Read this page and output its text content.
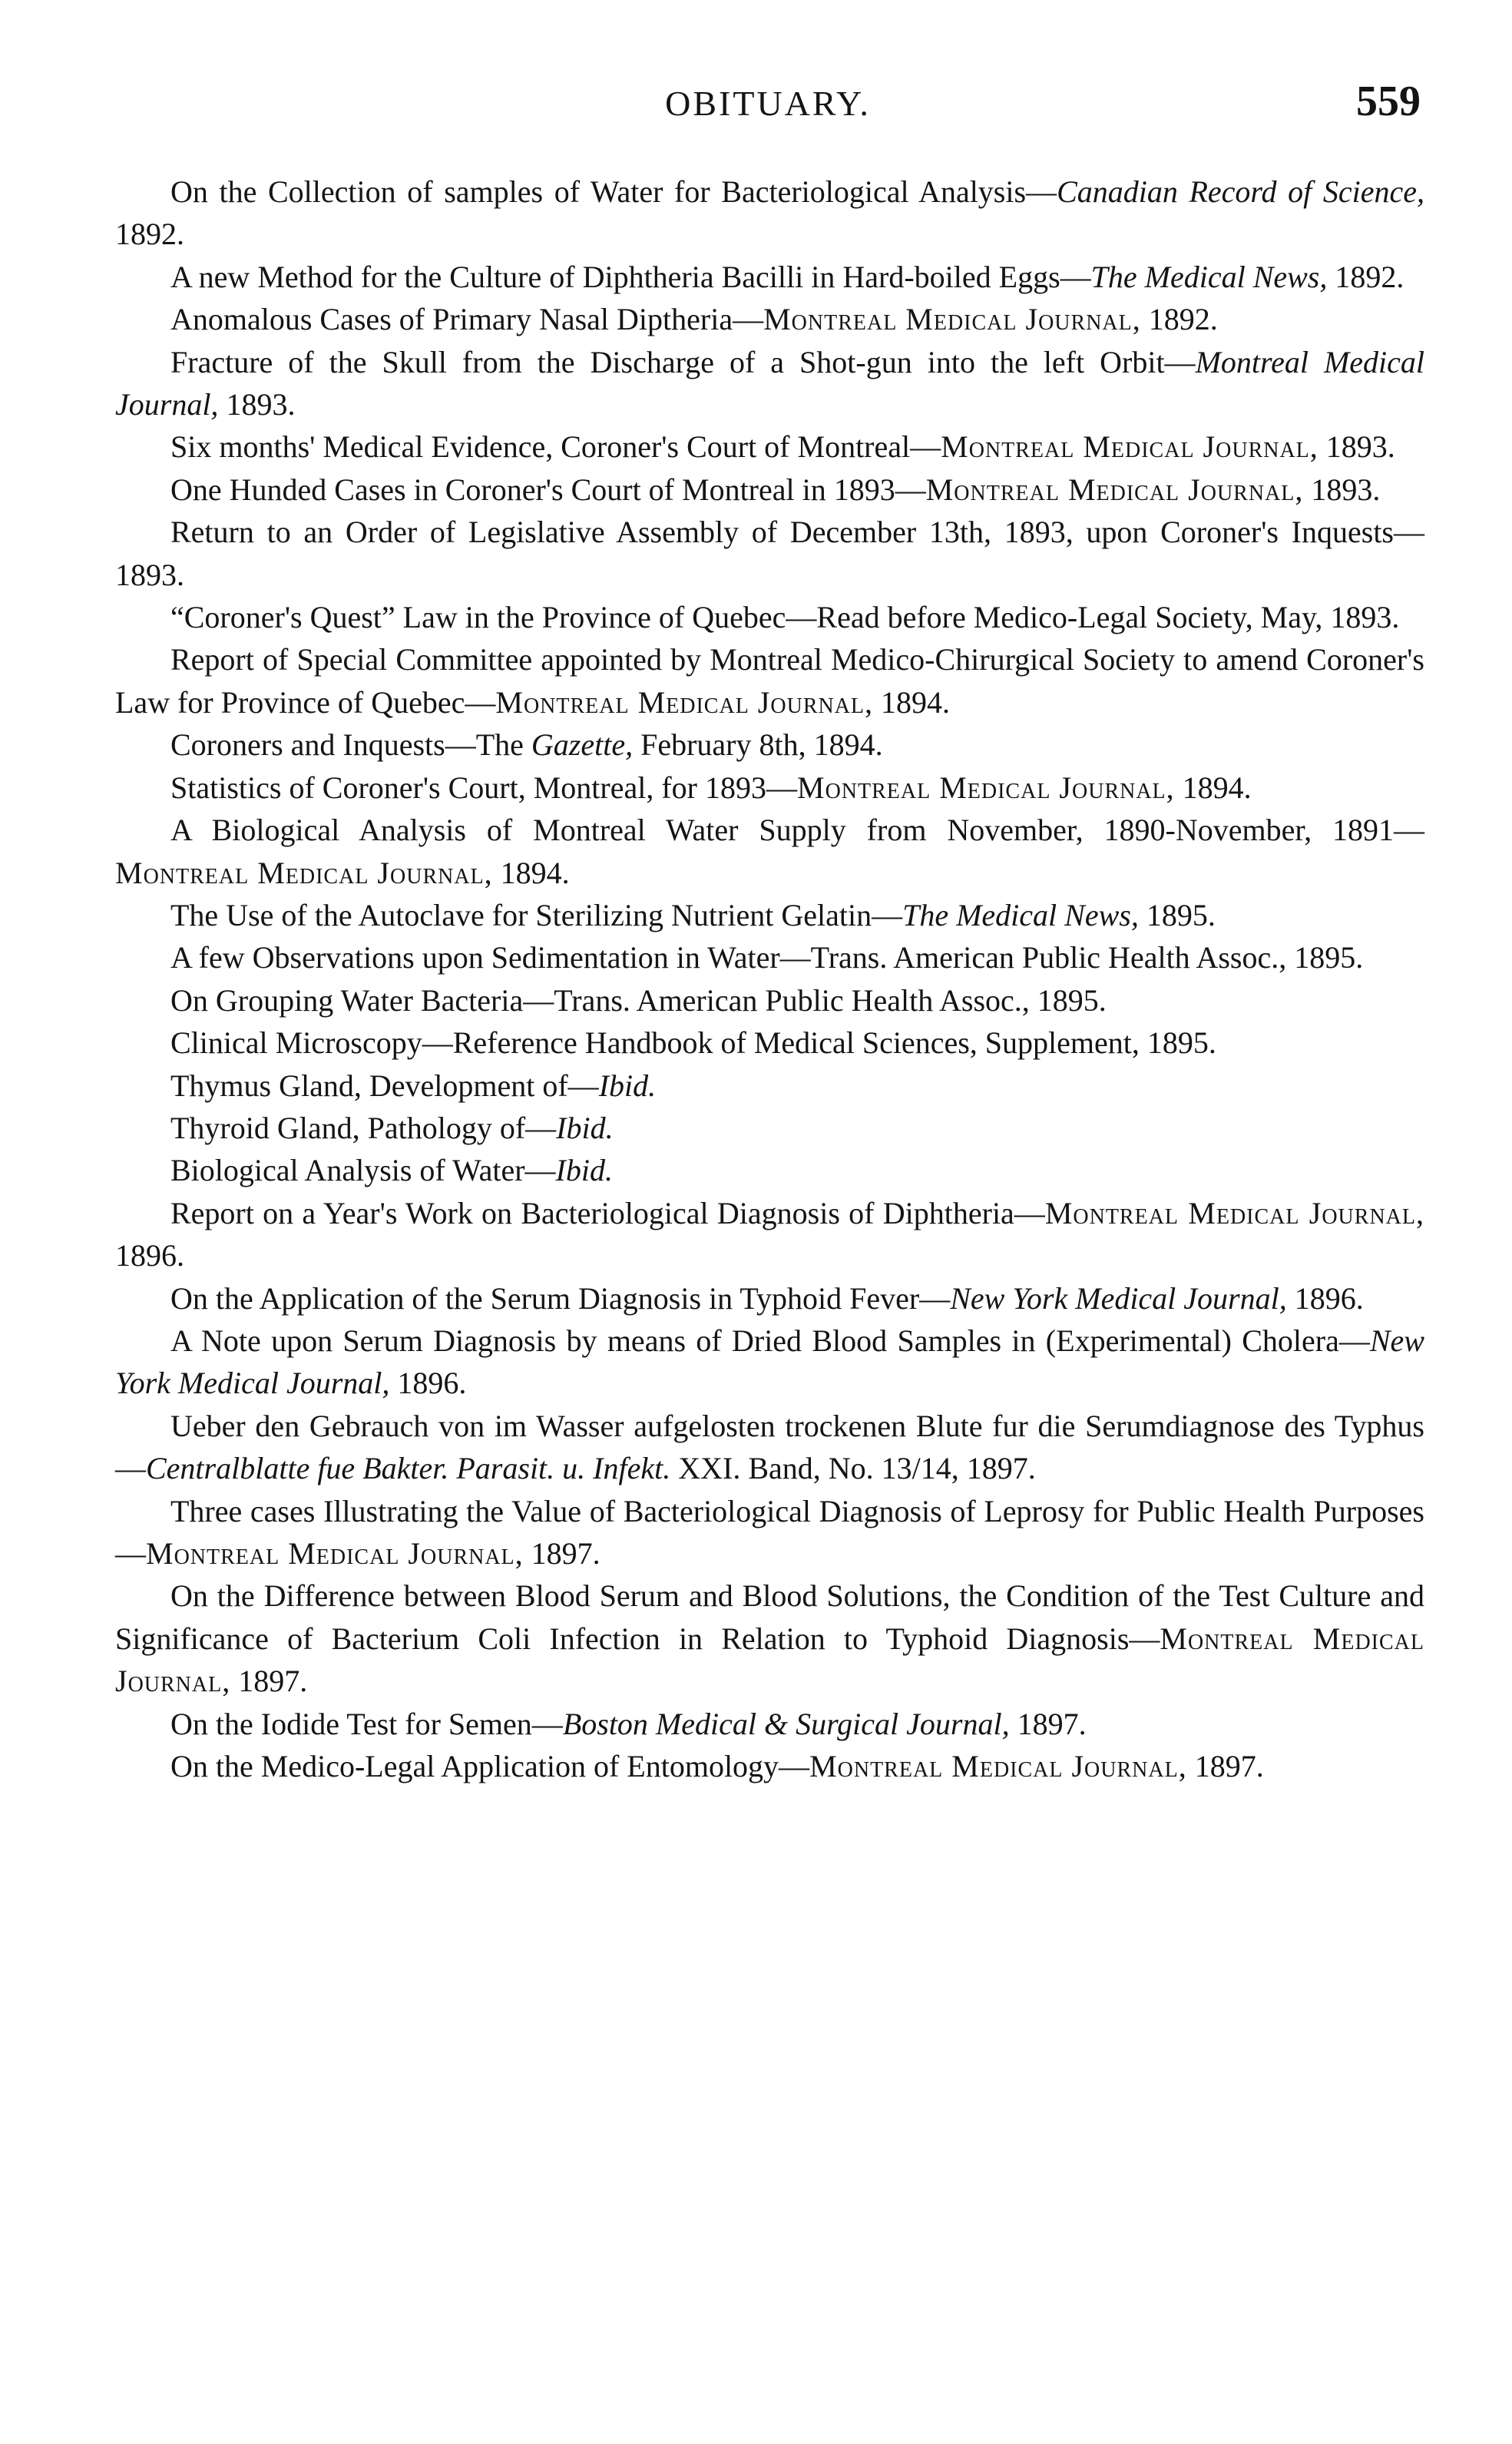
OBITUARY.	559

On the Collection of samples of Water for Bacteriological Analysis—Canadian Record of Science, 1892.

A new Method for the Culture of Diphtheria Bacilli in Hard-boiled Eggs—The Medical News, 1892.

Anomalous Cases of Primary Nasal Diptheria—Montreal Medical Journal, 1892.

Fracture of the Skull from the Discharge of a Shot-gun into the left Orbit—Montreal Medical Journal, 1893.

Six months' Medical Evidence, Coroner's Court of Montreal—Montreal Medical Journal, 1893.

One Hunded Cases in Coroner's Court of Montreal in 1893—Montreal Medical Journal, 1893.

Return to an Order of Legislative Assembly of December 13th, 1893, upon Coroner's Inquests—1893.

“Coroner's Quest” Law in the Province of Quebec—Read before Medico-Legal Society, May, 1893.

Report of Special Committee appointed by Montreal Medico-Chirurgical Society to amend Coroner's Law for Province of Quebec—Montreal Medical Journal, 1894.

Coroners and Inquests—The Gazette, February 8th, 1894.

Statistics of Coroner's Court, Montreal, for 1893—Montreal Medical Journal, 1894.

A Biological Analysis of Montreal Water Supply from November, 1890-November, 1891—Montreal Medical Journal, 1894.

The Use of the Autoclave for Sterilizing Nutrient Gelatin—The Medical News, 1895.

A few Observations upon Sedimentation in Water—Trans. American Public Health Assoc., 1895.

On Grouping Water Bacteria—Trans. American Public Health Assoc., 1895.

Clinical Microscopy—Reference Handbook of Medical Sciences, Supplement, 1895.

Thymus Gland, Development of—Ibid.

Thyroid Gland, Pathology of—Ibid.

Biological Analysis of Water—Ibid.

Report on a Year's Work on Bacteriological Diagnosis of Diphtheria—Montreal Medical Journal, 1896.

On the Application of the Serum Diagnosis in Typhoid Fever—New York Medical Journal, 1896.

A Note upon Serum Diagnosis by means of Dried Blood Samples in (Experimental) Cholera—New York Medical Journal, 1896.

Ueber den Gebrauch von im Wasser aufgelosten trockenen Blute fur die Serumdiagnose des Typhus—Centralblatte fue Bakter. Parasit. u. Infekt. XXI. Band, No. 13/14, 1897.

Three cases Illustrating the Value of Bacteriological Diagnosis of Leprosy for Public Health Purposes—Montreal Medical Journal, 1897.

On the Difference between Blood Serum and Blood Solutions, the Condition of the Test Culture and Significance of Bacterium Coli Infection in Relation to Typhoid Diagnosis—Montreal Medical Journal, 1897.

On the Iodide Test for Semen—Boston Medical & Surgical Journal, 1897.

On the Medico-Legal Application of Entomology—Montreal Medical Journal, 1897.
